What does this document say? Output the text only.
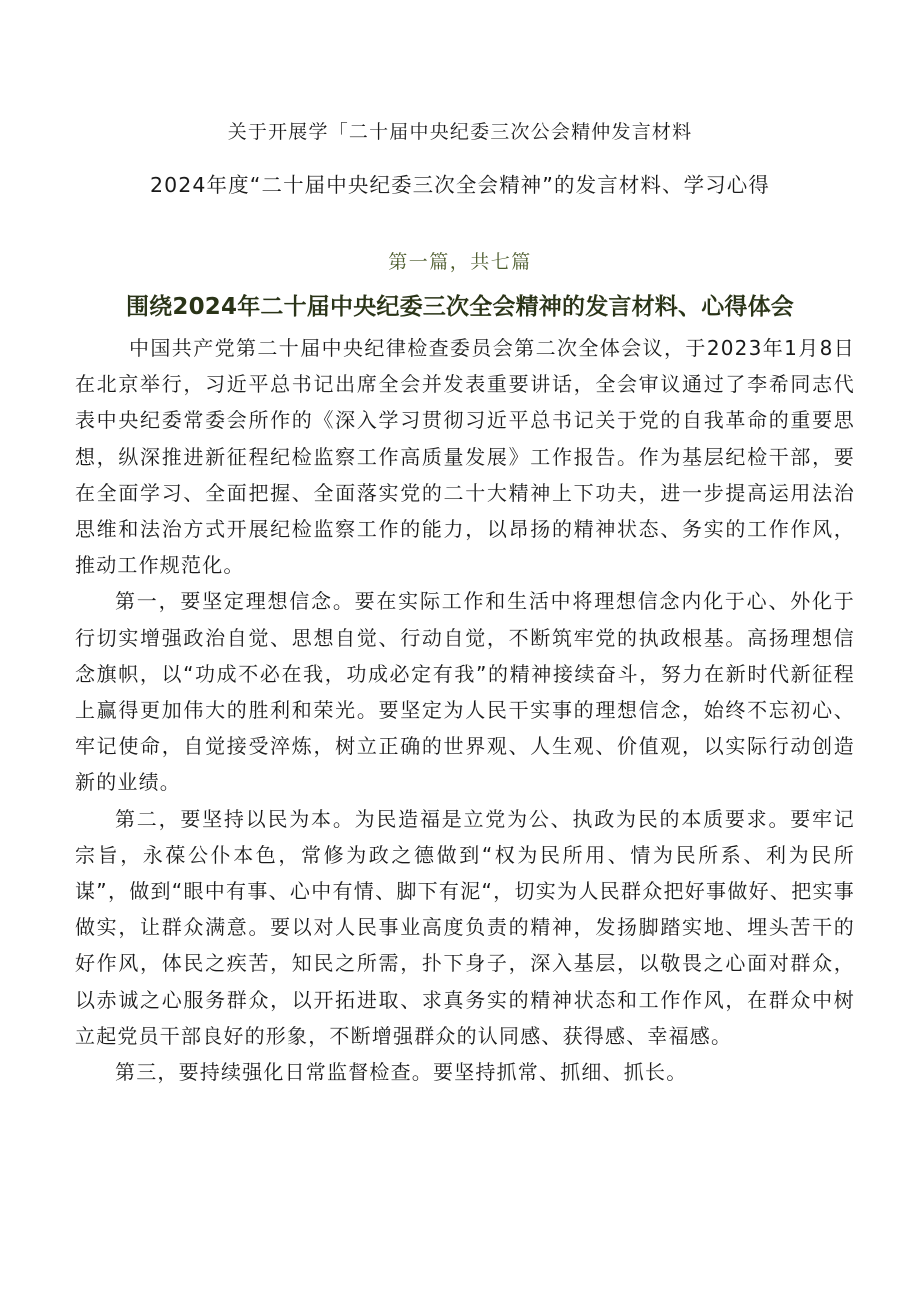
关于开展学「二十届中央纪委三次公会精仲发言材料
2024年度“二十届中央纪委三次全会精神”的发言材料、学习心得
第一篇，共七篇
围绕2024年二十届中央纪委三次全会精神的发言材料、心得体会

中国共产党第二十届中央纪律检查委员会第二次全体会议，于2023年1月8日在北京举行，习近平总书记出席全会并发表重要讲话，全会审议通过了李希同志代表中央纪委常委会所作的《深入学习贯彻习近平总书记关于党的自我革命的重要思想，纵深推进新征程纪检监察工作高质量发展》工作报告。作为基层纪检干部，要在全面学习、全面把握、全面落实党的二十大精神上下功夫，进一步提高运用法治思维和法治方式开展纪检监察工作的能力，以昂扬的精神状态、务实的工作作风，推动工作规范化。

第一，要坚定理想信念。要在实际工作和生活中将理想信念内化于心、外化于行切实增强政治自觉、思想自觉、行动自觉，不断筑牢党的执政根基。高扬理想信念旗帜，以“功成不必在我，功成必定有我”的精神接续奋斗，努力在新时代新征程上赢得更加伟大的胜利和荣光。要坚定为人民干实事的理想信念，始终不忘初心、牢记使命，自觉接受淬炼，树立正确的世界观、人生观、价值观，以实际行动创造新的业绩。

第二，要坚持以民为本。为民造福是立党为公、执政为民的本质要求。要牢记宗旨，永葆公仆本色，常修为政之德做到“权为民所用、情为民所系、利为民所谋”，做到“眼中有事、心中有情、脚下有泥“，切实为人民群众把好事做好、把实事做实，让群众满意。要以对人民事业高度负责的精神，发扬脚踏实地、埋头苦干的好作风，体民之疾苦，知民之所需，扑下身子，深入基层，以敬畏之心面对群众，以赤诚之心服务群众，以开拓进取、求真务实的精神状态和工作作风，在群众中树立起党员干部良好的形象，不断增强群众的认同感、获得感、幸福感。

第三，要持续强化日常监督检查。要坚持抓常、抓细、抓长。
